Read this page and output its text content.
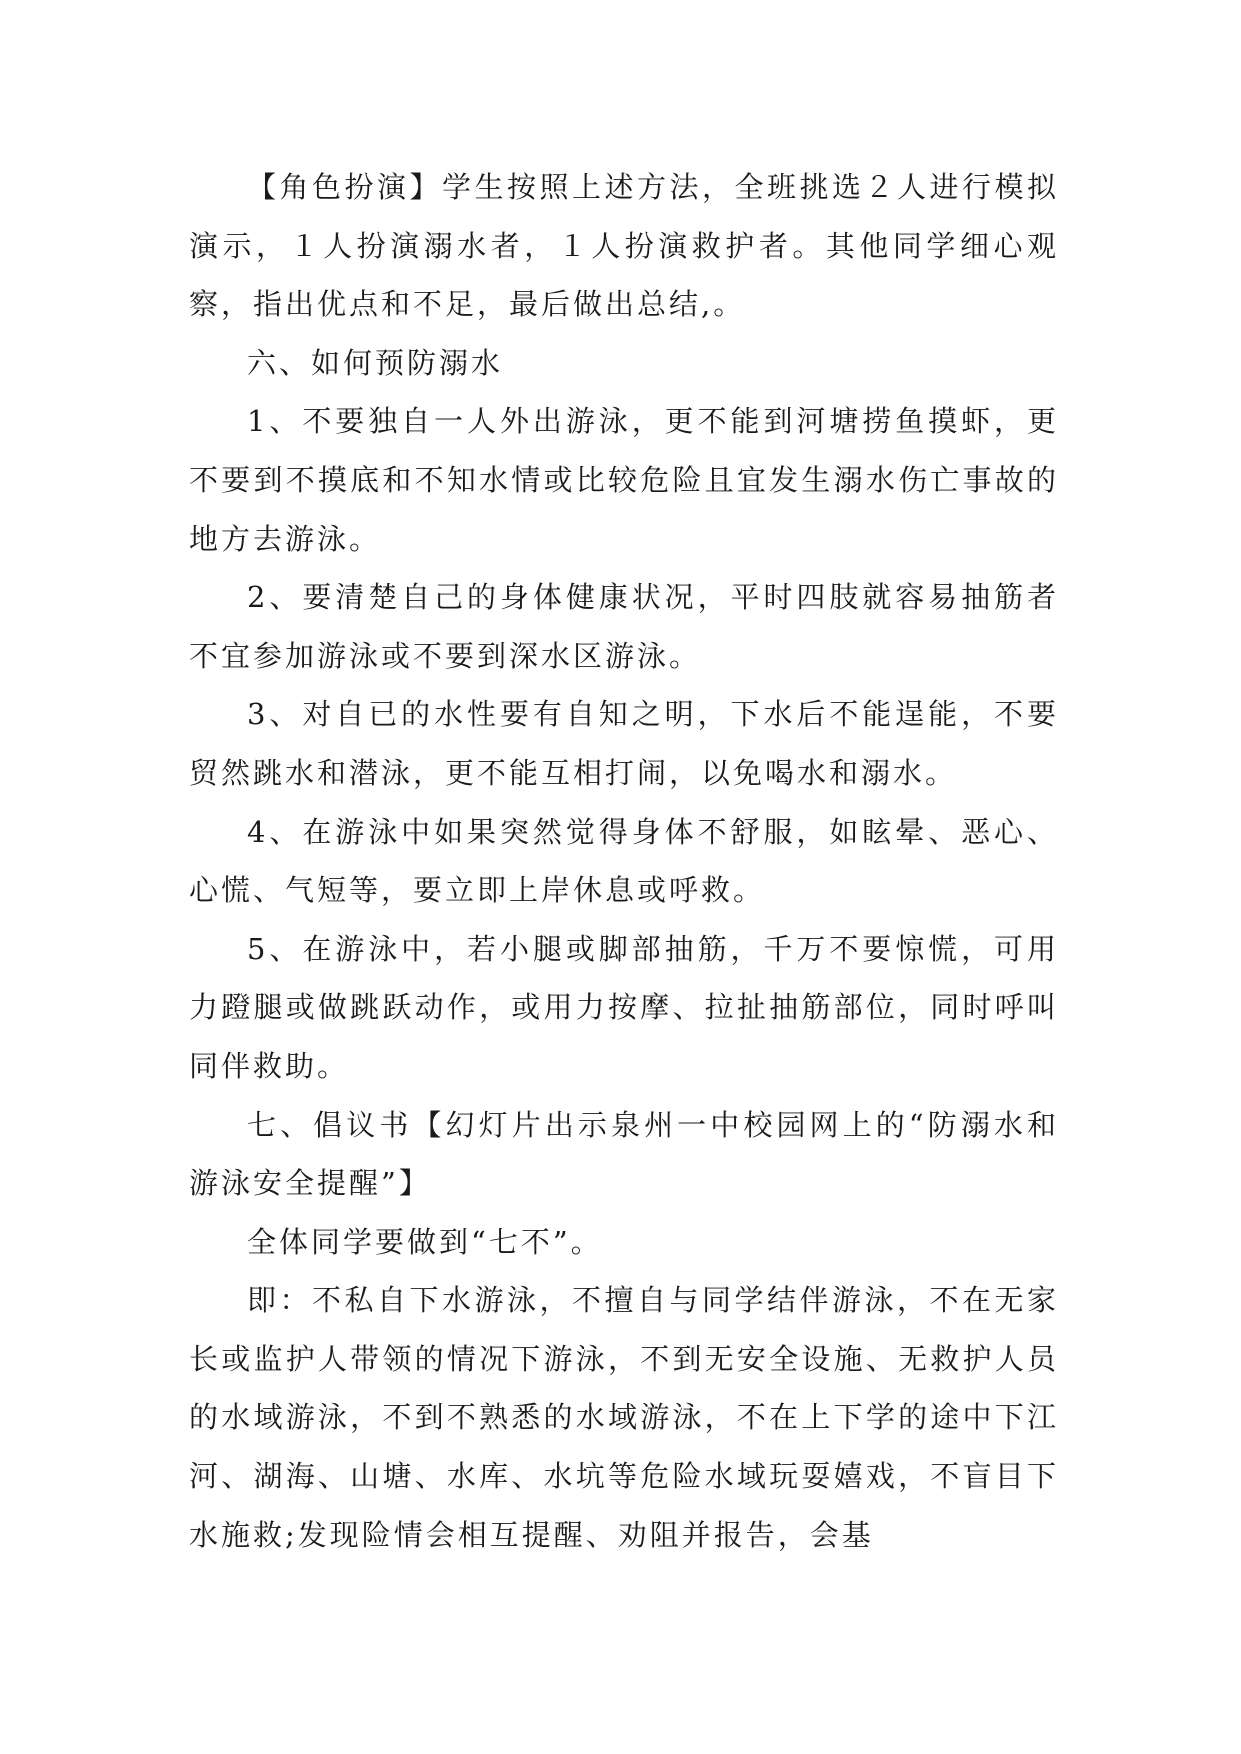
【角色扮演】学生按照上述方法，全班挑选２人进行模拟演示，１人扮演溺水者，１人扮演救护者。其他同学细心观察，指出优点和不足，最后做出总结,。

六、如何预防溺水

1、不要独自一人外出游泳，更不能到河塘捞鱼摸虾，更不要到不摸底和不知水情或比较危险且宜发生溺水伤亡事故的地方去游泳。

2、要清楚自己的身体健康状况，平时四肢就容易抽筋者不宜参加游泳或不要到深水区游泳。

3、对自已的水性要有自知之明，下水后不能逞能，不要贸然跳水和潜泳，更不能互相打闹，以免喝水和溺水。

4、在游泳中如果突然觉得身体不舒服，如眩晕、恶心、心慌、气短等，要立即上岸休息或呼救。

5、在游泳中，若小腿或脚部抽筋，千万不要惊慌，可用力蹬腿或做跳跃动作，或用力按摩、拉扯抽筋部位，同时呼叫同伴救助。

七、倡议书【幻灯片出示泉州一中校园网上的“防溺水和游泳安全提醒”】

全体同学要做到“七不”。

即：不私自下水游泳，不擅自与同学结伴游泳，不在无家长或监护人带领的情况下游泳，不到无安全设施、无救护人员的水域游泳，不到不熟悉的水域游泳，不在上下学的途中下江河、湖海、山塘、水库、水坑等危险水域玩耍嬉戏，不盲目下水施救;发现险情会相互提醒、劝阻并报告，会基
